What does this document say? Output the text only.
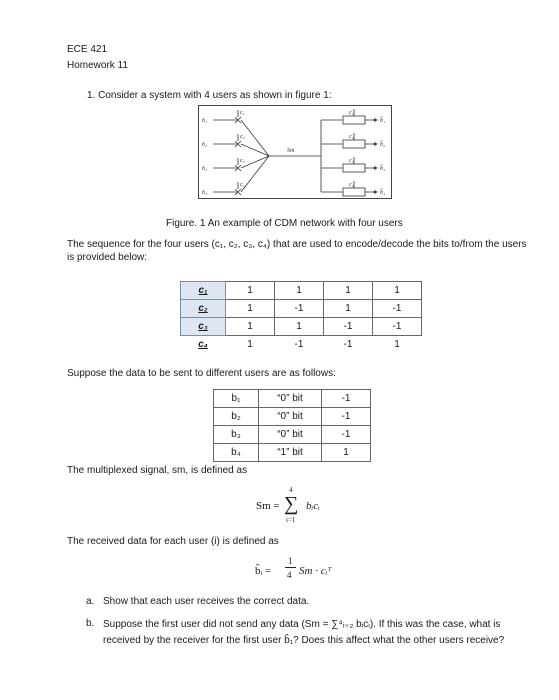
ECE 421
Homework 11
1. Consider a system with 4 users as shown in figure 1:
b₁
b₂
b₃
b₄
c₁
c₂
c₃
c₄
Sm
c₁
c₂
c₃
c₄
b̂₁
b̂₂
b̂₃
b̂₄
Figure. 1 An example of CDM network with four users
The sequence for the four users (c₁, c₂, c₃, c₄) that are used to encode/decode the bits to/from the users is provided below:
c₁	1	1	1	1
c₂	1	-1	1	-1
c₃	1	1	-1	-1
c₄	1	-1	-1	1
Suppose the data to be sent to different users are as follows:
b₁	“0” bit	-1
b₂	“0” bit	-1
b₃	“0” bit	-1
b₄	“1” bit	1
The multiplexed signal, sm, is defined as
Sm =
4
∑
i=1
bᵢcᵢ
The received data for each user (i) is defined as
b̂ᵢ =
1
4 Sm · cᵢᵀ
a. Show that each user receives the correct data.
b. Suppose the first user did not send any data (Sm = ∑⁴ᵢ₌₂ bᵢcᵢ). If this was the case, what is received by the receiver for the first user b̂₁? Does this affect what the other users receive?
